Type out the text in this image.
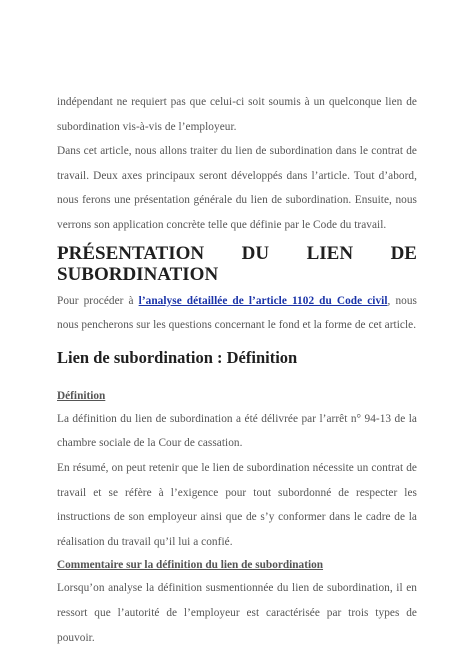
indépendant ne requiert pas que celui-ci soit soumis à un quelconque lien de
subordination vis-à-vis de l’employeur.

Dans cet article, nous allons traiter du lien de subordination dans le contrat de travail. Deux axes principaux seront développés dans l’article. Tout d’abord, nous ferons une présentation générale du lien de subordination. Ensuite, nous verrons son application concrète telle que définie par le Code du travail.

PRÉSENTATION DU LIEN DE
SUBORDINATION

Pour procéder à l’analyse détaillée de l’article 1102 du Code civil, nous nous pencherons sur les questions concernant le fond et la forme de cet article.

Lien de subordination : Définition

Définition

La définition du lien de subordination a été délivrée par l’arrêt n° 94-13 de la chambre sociale de la Cour de cassation.

En résumé, on peut retenir que le lien de subordination nécessite un contrat de travail et se réfère à l’exigence pour tout subordonné de respecter les instructions de son employeur ainsi que de s’y conformer dans le cadre de la réalisation du travail qu’il lui a confié.

Commentaire sur la définition du lien de subordination

Lorsqu’on analyse la définition susmentionnée du lien de subordination, il en ressort que l’autorité de l’employeur est caractérisée par trois types de pouvoir.
